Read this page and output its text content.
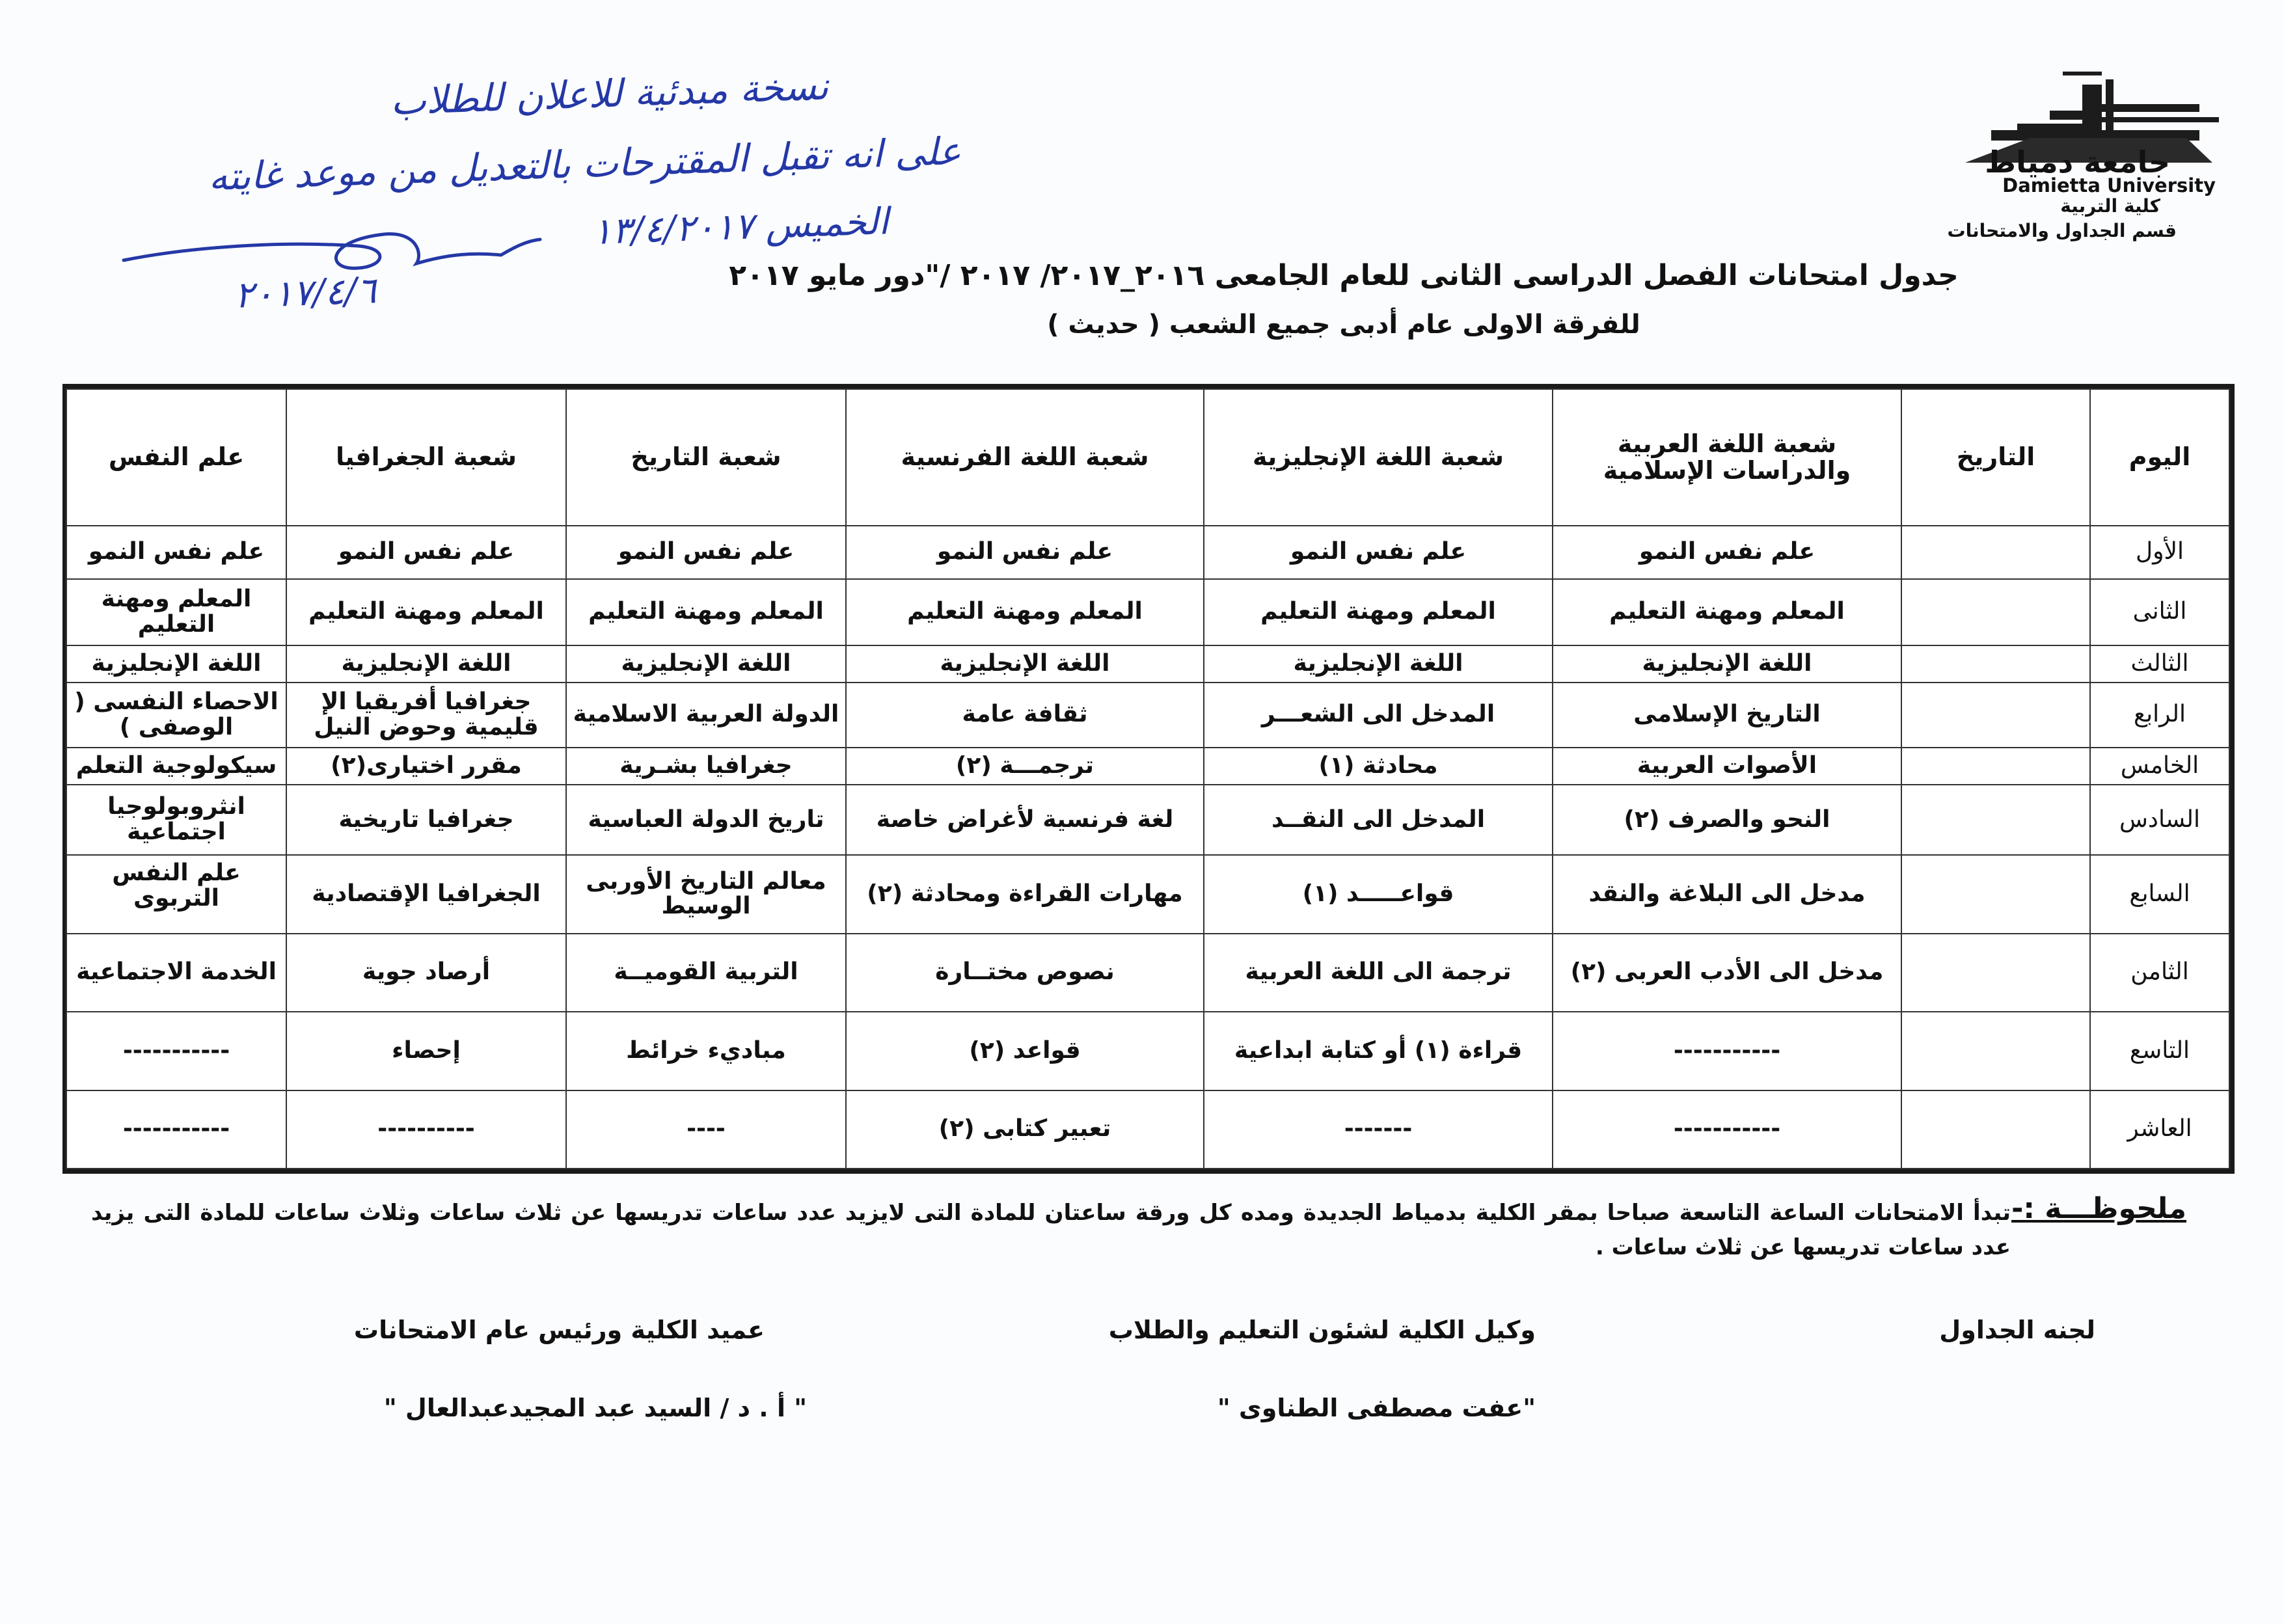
جامعة دمياط
Damietta University
كلية التربية
قسم الجداول والامتحانات
نسخة مبدئية للاعلان للطلاب
على انه تقبل المقترحات بالتعديل من موعد غايته
الخميس ١٣/٤/٢٠١٧
٢٠١٧/٤/٦	جدول امتحانات الفصل الدراسى الثانى للعام الجامعى ٢٠١٦_٢٠١٧/ ٢٠١٧ /"دور مايو ٢٠١٧
للفرقة الاولى عام أدبى جميع الشعب ( حديث )
اليوم	التاريخ	شعبة اللغة العربية والدراسات الإسلامية	شعبة اللغة الإنجليزية	شعبة اللغة الفرنسية	شعبة التاريخ	شعبة الجغرافيا	علم النفس
الأول		علم نفس النمو	علم نفس النمو	علم نفس النمو	علم نفس النمو	علم نفس النمو	علم نفس النمو
الثانى		المعلم ومهنة التعليم	المعلم ومهنة التعليم	المعلم ومهنة التعليم	المعلم ومهنة التعليم	المعلم ومهنة التعليم	المعلم ومهنة التعليم
الثالث		اللغة الإنجليزية	اللغة الإنجليزية	اللغة الإنجليزية	اللغة الإنجليزية	اللغة الإنجليزية	اللغة الإنجليزية
الرابع		التاريخ الإسلامى	المدخل الى الشعـــر	ثقافة عامة	الدولة العربية الاسلامية	جغرافيا أفريقيا الإ قليمية وحوض النيل	الاحصاء النفسى ( الوصفى )
الخامس		الأصوات العربية	محادثة (١)	ترجمـــة (٢)	جغرافيا بشـرية	مقرر اختيارى(٢)	سيكولوجية التعلم
السادس		النحو والصرف (٢)	المدخل الى النقــد	لغة فرنسية لأغراض خاصة	تاريخ الدولة العباسية	جغرافيا تاريخية	انثروبولوجيا اجتماعية
السابع		مدخل الى البلاغة والنقد	قواعـــــد (١)	مهارات القراءة ومحادثة (٢)	معالم التاريخ الأوربى الوسيط	الجغرافيا الإقتصادية	علم النفس التربوى
الثامن		مدخل الى الأدب العربى (٢)	ترجمة الى اللغة العربية	نصوص مختــارة	التربية القوميــة	أرصاد جوية	الخدمة الاجتماعية
التاسع		-----------	قراءة (١) أو كتابة ابداعية	قواعد (٢)	مباديء خرائط	إحصاء	-----------
العاشر		-----------	-------	تعبير كتابى (٢)	----	----------	-----------
ملحوظـــة :-
تبدأ الامتحانات الساعة التاسعة صباحا بمقر الكلية بدمياط الجديدة ومده كل ورقة ساعتان للمادة التى لايزيد عدد ساعات تدريسها عن ثلاث ساعات وثلاث ساعات للمادة التى يزيد عدد ساعات تدريسها عن ثلاث ساعات .
لجنه الجداول
وكيل الكلية لشئون التعليم والطلاب
"عفت مصطفى الطناوى "
عميد الكلية ورئيس عام الامتحانات
" أ . د / السيد عبد المجيدعبدالعال "
